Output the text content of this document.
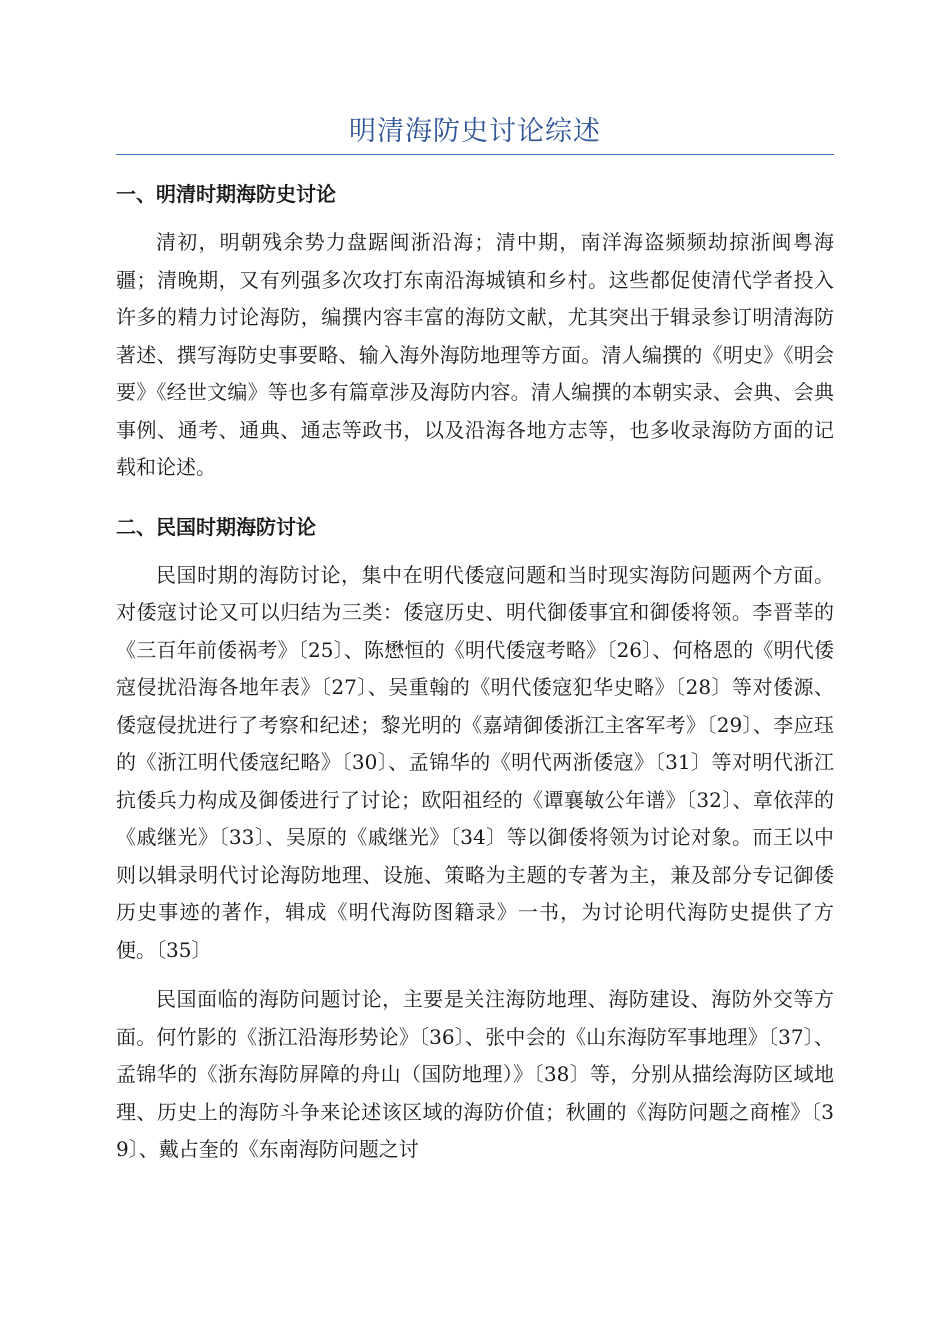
明清海防史讨论综述
一、明清时期海防史讨论

清初，明朝残余势力盘踞闽浙沿海；清中期，南洋海盗频频劫掠浙闽粤海疆；清晚期，又有列强多次攻打东南沿海城镇和乡村。这些都促使清代学者投入许多的精力讨论海防，编撰内容丰富的海防文献，尤其突出于辑录参订明清海防著述、撰写海防史事要略、输入海外海防地理等方面。清人编撰的《明史》《明会要》《经世文编》等也多有篇章涉及海防内容。清人编撰的本朝实录、会典、会典事例、通考、通典、通志等政书，以及沿海各地方志等，也多收录海防方面的记载和论述。

二、民国时期海防讨论

民国时期的海防讨论，集中在明代倭寇问题和当时现实海防问题两个方面。对倭寇讨论又可以归结为三类：倭寇历史、明代御倭事宜和御倭将领。李晋莘的《三百年前倭祸考》〔25〕、陈懋恒的《明代倭寇考略》〔26〕、何格恩的《明代倭寇侵扰沿海各地年表》〔27〕、吴重翰的《明代倭寇犯华史略》〔28〕等对倭源、倭寇侵扰进行了考察和纪述；黎光明的《嘉靖御倭浙江主客军考》〔29〕、李应珏的《浙江明代倭寇纪略》〔30〕、孟锦华的《明代两浙倭寇》〔31〕等对明代浙江抗倭兵力构成及御倭进行了讨论；欧阳祖经的《谭襄敏公年谱》〔32〕、章依萍的《戚继光》〔33〕、吴原的《戚继光》〔34〕等以御倭将领为讨论对象。而王以中则以辑录明代讨论海防地理、设施、策略为主题的专著为主，兼及部分专记御倭历史事迹的著作，辑成《明代海防图籍录》一书，为讨论明代海防史提供了方便。〔35〕

民国面临的海防问题讨论，主要是关注海防地理、海防建设、海防外交等方面。何竹影的《浙江沿海形势论》〔36〕、张中会的《山东海防军事地理》〔37〕、孟锦华的《浙东海防屏障的舟山（国防地理）》〔38〕等，分别从描绘海防区域地理、历史上的海防斗争来论述该区域的海防价值；秋圃的《海防问题之商榷》〔39〕、戴占奎的《东南海防问题之讨
